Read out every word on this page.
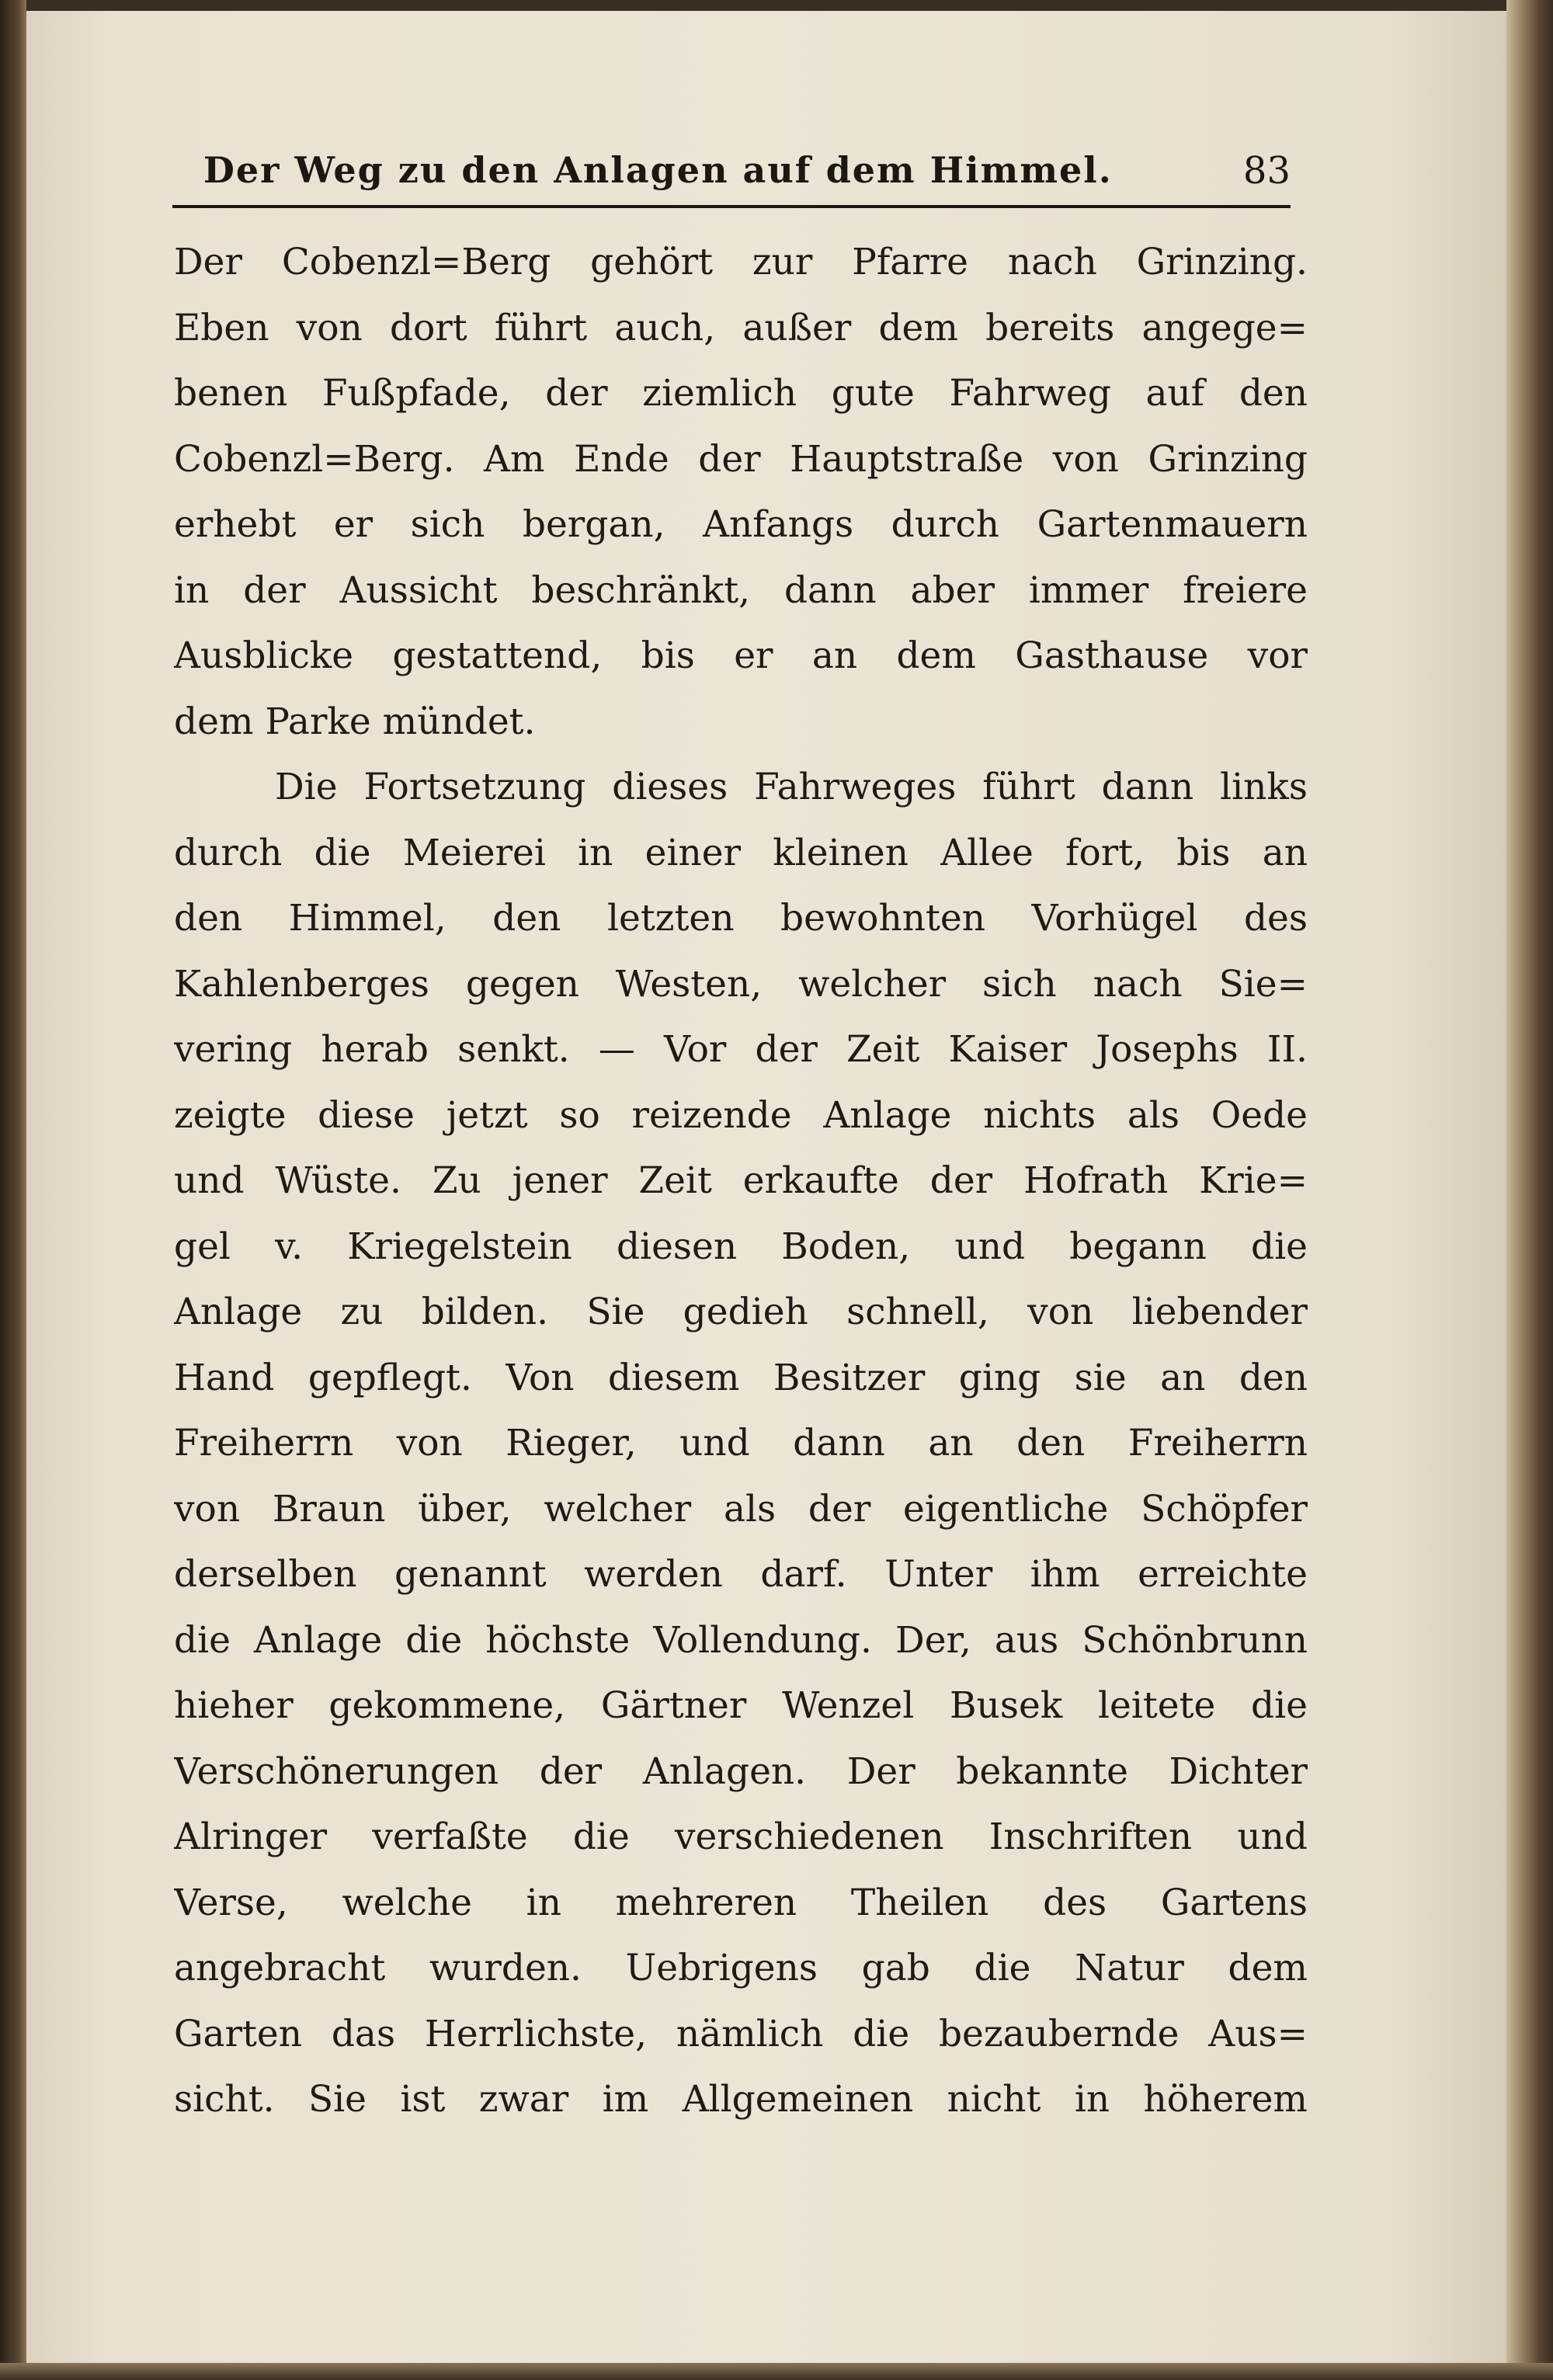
Der Weg zu den Anlagen auf dem Himmel.	83
Der Cobenzl=Berg gehört zur Pfarre nach Grinzing.
Eben von dort führt auch, außer dem bereits angege=
benen Fußpfade, der ziemlich gute Fahrweg auf den
Cobenzl=Berg. Am Ende der Hauptstraße von Grinzing
erhebt er sich bergan, Anfangs durch Gartenmauern
in der Aussicht beschränkt, dann aber immer freiere
Ausblicke gestattend, bis er an dem Gasthause vor
dem Parke mündet.
Die Fortsetzung dieses Fahrweges führt dann links
durch die Meierei in einer kleinen Allee fort, bis an
den Himmel, den letzten bewohnten Vorhügel des
Kahlenberges gegen Westen, welcher sich nach Sie=
vering herab senkt. — Vor der Zeit Kaiser Josephs II.
zeigte diese jetzt so reizende Anlage nichts als Oede
und Wüste. Zu jener Zeit erkaufte der Hofrath Krie=
gel v. Kriegelstein diesen Boden, und begann die
Anlage zu bilden. Sie gedieh schnell, von liebender
Hand gepflegt. Von diesem Besitzer ging sie an den
Freiherrn von Rieger, und dann an den Freiherrn
von Braun über, welcher als der eigentliche Schöpfer
derselben genannt werden darf. Unter ihm erreichte
die Anlage die höchste Vollendung. Der, aus Schönbrunn
hieher gekommene, Gärtner Wenzel Busek leitete die
Verschönerungen der Anlagen. Der bekannte Dichter
Alringer verfaßte die verschiedenen Inschriften und
Verse, welche in mehreren Theilen des Gartens
angebracht wurden. Uebrigens gab die Natur dem
Garten das Herrlichste, nämlich die bezaubernde Aus=
sicht. Sie ist zwar im Allgemeinen nicht in höherem
